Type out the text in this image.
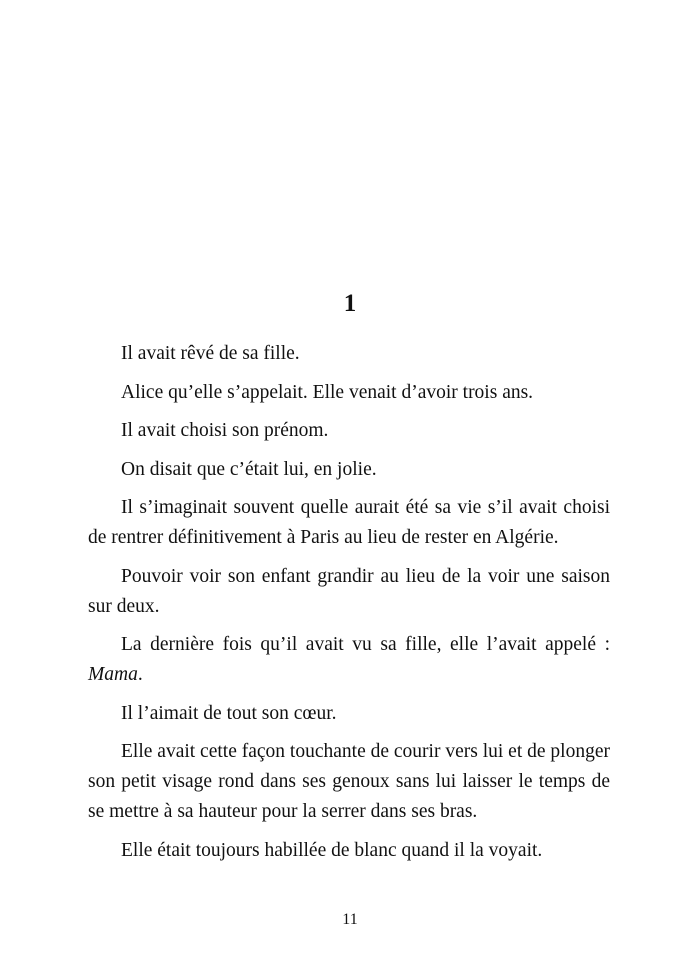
1

Il avait rêvé de sa fille.

Alice qu’elle s’appelait. Elle venait d’avoir trois ans.

Il avait choisi son prénom.

On disait que c’était lui, en jolie.

Il s’imaginait souvent quelle aurait été sa vie s’il avait choisi de rentrer définitivement à Paris au lieu de rester en Algérie.

Pouvoir voir son enfant grandir au lieu de la voir une saison sur deux.

La dernière fois qu’il avait vu sa fille, elle l’avait appelé : Mama.

Il l’aimait de tout son cœur.

Elle avait cette façon touchante de courir vers lui et de plonger son petit visage rond dans ses genoux sans lui laisser le temps de se mettre à sa hauteur pour la serrer dans ses bras.

Elle était toujours habillée de blanc quand il la voyait.

11
